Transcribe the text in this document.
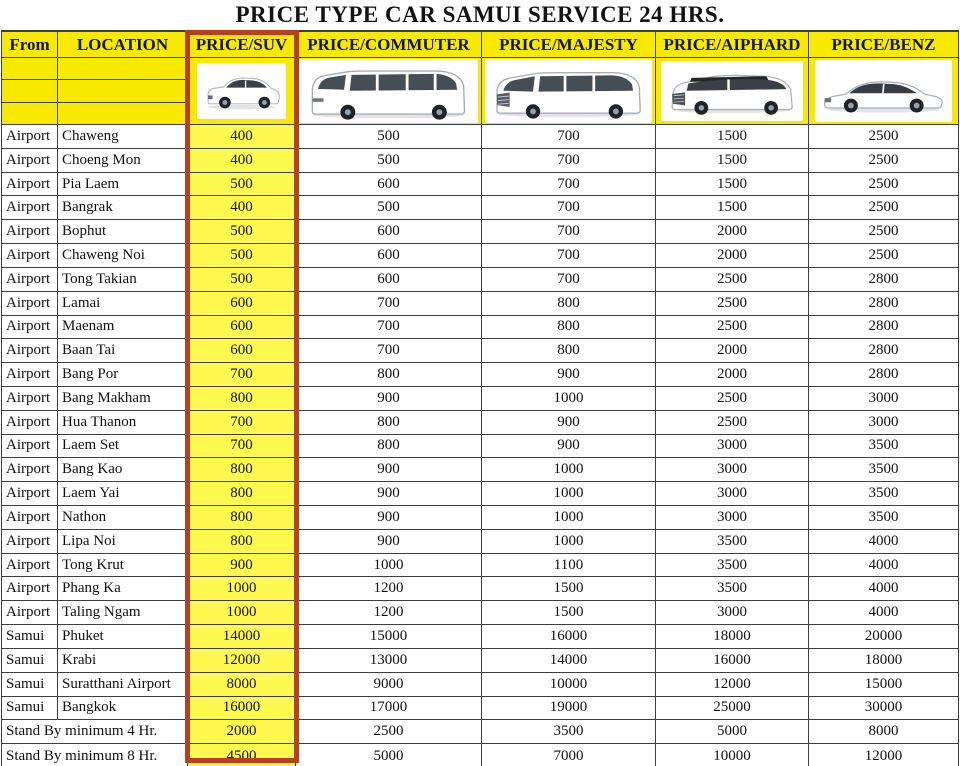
PRICE TYPE CAR SAMUI SERVICE 24 HRS.
From	LOCATION	PRICE/SUV	PRICE/COMMUTER	PRICE/MAJESTY	PRICE/AIPHARD	PRICE/BENZ
Airport Chaweng	400	500	700	1500	2500
Airport Choeng Mon	400	500	700	1500	2500
Airport Pia Laem	500	600	700	1500	2500
Airport Bangrak	400	500	700	1500	2500
Airport Bophut	500	600	700	2000	2500
Airport Chaweng Noi	500	600	700	2000	2500
Airport Tong Takian	500	600	700	2500	2800
Airport Lamai	600	700	800	2500	2800
Airport Maenam	600	700	800	2500	2800
Airport Baan Tai	600	700	800	2000	2800
Airport Bang Por	700	800	900	2000	2800
Airport Bang Makham	800	900	1000	2500	3000
Airport Hua Thanon	700	800	900	2500	3000
Airport Laem Set	700	800	900	3000	3500
Airport Bang Kao	800	900	1000	3000	3500
Airport Laem Yai	800	900	1000	3000	3500
Airport Nathon	800	900	1000	3000	3500
Airport Lipa Noi	800	900	1000	3500	4000
Airport Tong Krut	900	1000	1100	3500	4000
Airport Phang Ka	1000	1200	1500	3500	4000
Airport Taling Ngam	1000	1200	1500	3000	4000
Samui	Phuket	14000	15000	16000	18000	20000
Samui	Krabi	12000	13000	14000	16000	18000
Samui	Suratthani Airport	8000	9000	10000	12000	15000
Samui	Bangkok	16000	17000	19000	25000	30000
Stand By minimum 4 Hr.	2000	2500	3500	5000	8000
Stand By minimum 8 Hr.	4500	5000	7000	10000	12000
